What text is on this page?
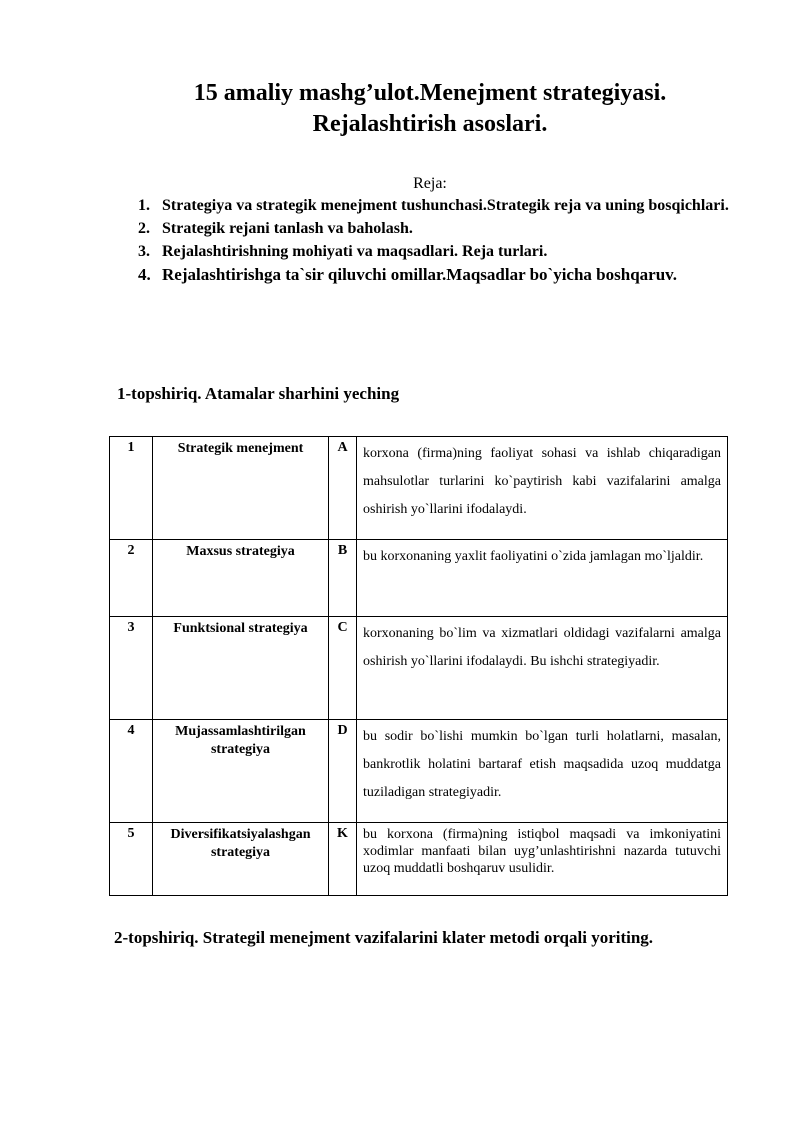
15 amaliy mashg’ulot.Menejment strategiyasi.
Rejalashtirish asoslari.
Reja:
1. Strategiya va strategik menejment tushunchasi.Strategik reja va uning bosqichlari.
2. Strategik rejani tanlash va baholash.
3. Rejalashtirishning mohiyati va maqsadlari. Reja turlari.
4. Rejalashtirishga ta`sir qiluvchi omillar.Maqsadlar bo`yicha boshqaruv.
1-topshiriq. Atamalar sharhini yeching
1	Strategik menejment	A	korxona (firma)ning faoliyat sohasi va ishlab chiqaradigan mahsulotlar turlarini ko`paytirish kabi vazifalarini amalga oshirish yo`llarini ifodalaydi.
2	Maxsus strategiya	B	bu korxonaning yaxlit faoliyatini o`zida jamlagan mo`ljaldir.
3	Funktsional strategiya	C	korxonaning bo`lim va xizmatlari oldidagi vazifalarni amalga oshirish yo`llarini ifodalaydi. Bu ishchi strategiyadir.
4	Mujassamlashtirilgan strategiya	D	bu sodir bo`lishi mumkin bo`lgan turli holatlarni, masalan, bankrotlik holatini bartaraf etish maqsadida uzoq muddatga tuziladigan strategiyadir.
5	Diversifikatsiyalashgan strategiya	K	bu korxona (firma)ning istiqbol maqsadi va imkoniyatini xodimlar manfaati bilan uyg’unlashtirishni nazarda tutuvchi uzoq muddatli boshqaruv usulidir.
2-topshiriq. Strategil menejment vazifalarini klater metodi orqali yoriting.
